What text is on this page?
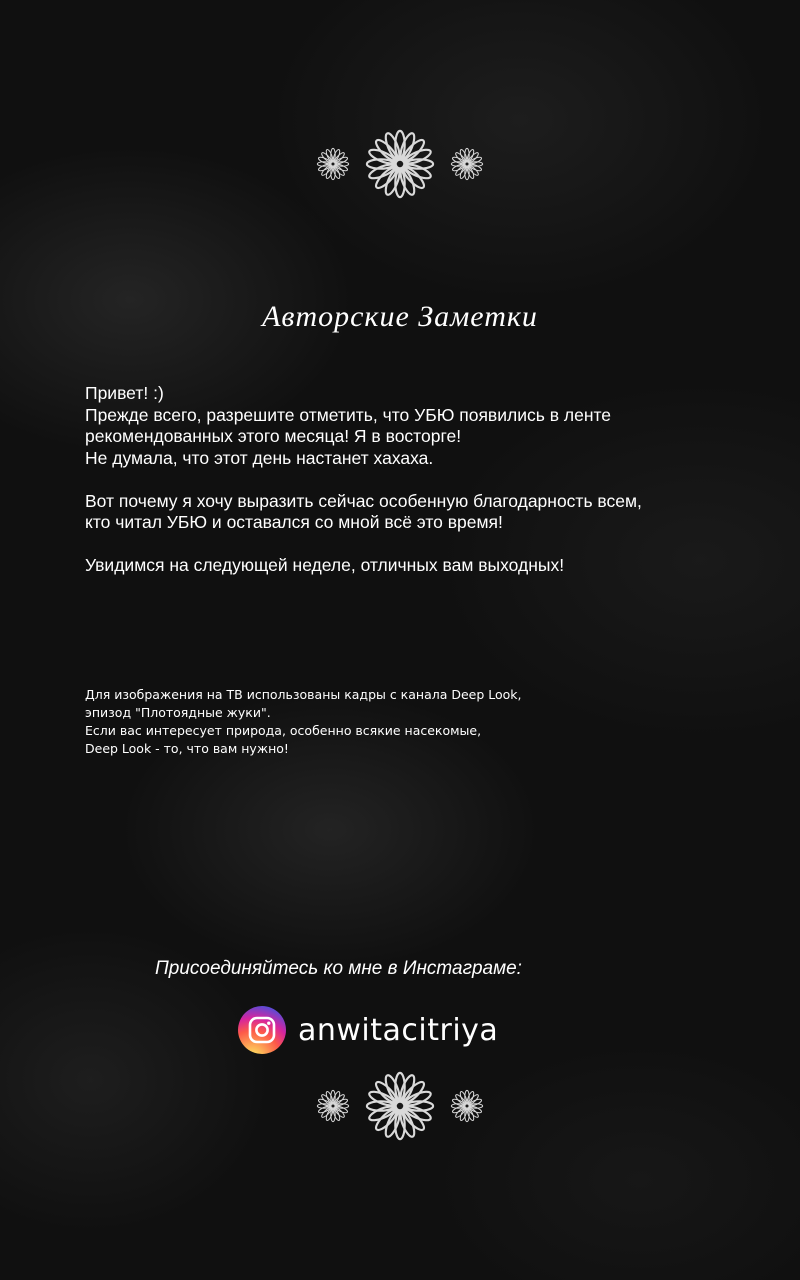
Авторские Заметки

Привет! :)
Прежде всего, разрешите отметить, что УБЮ появились в ленте
рекомендованных этого месяца! Я в восторге!
Не думала, что этот день настанет хахаха.

Вот почему я хочу выразить сейчас особенную благодарность всем,
кто читал УБЮ и оставался со мной всё это время!

Увидимся на следующей неделе, отличных вам выходных!

Для изображения на ТВ использованы кадры с канала Deep Look,
эпизод "Плотоядные жуки".
Если вас интересует природа, особенно всякие насекомые,
Deep Look - то, что вам нужно!
Присоединяйтесь ко мне в Инстаграме:
anwitacitriya
